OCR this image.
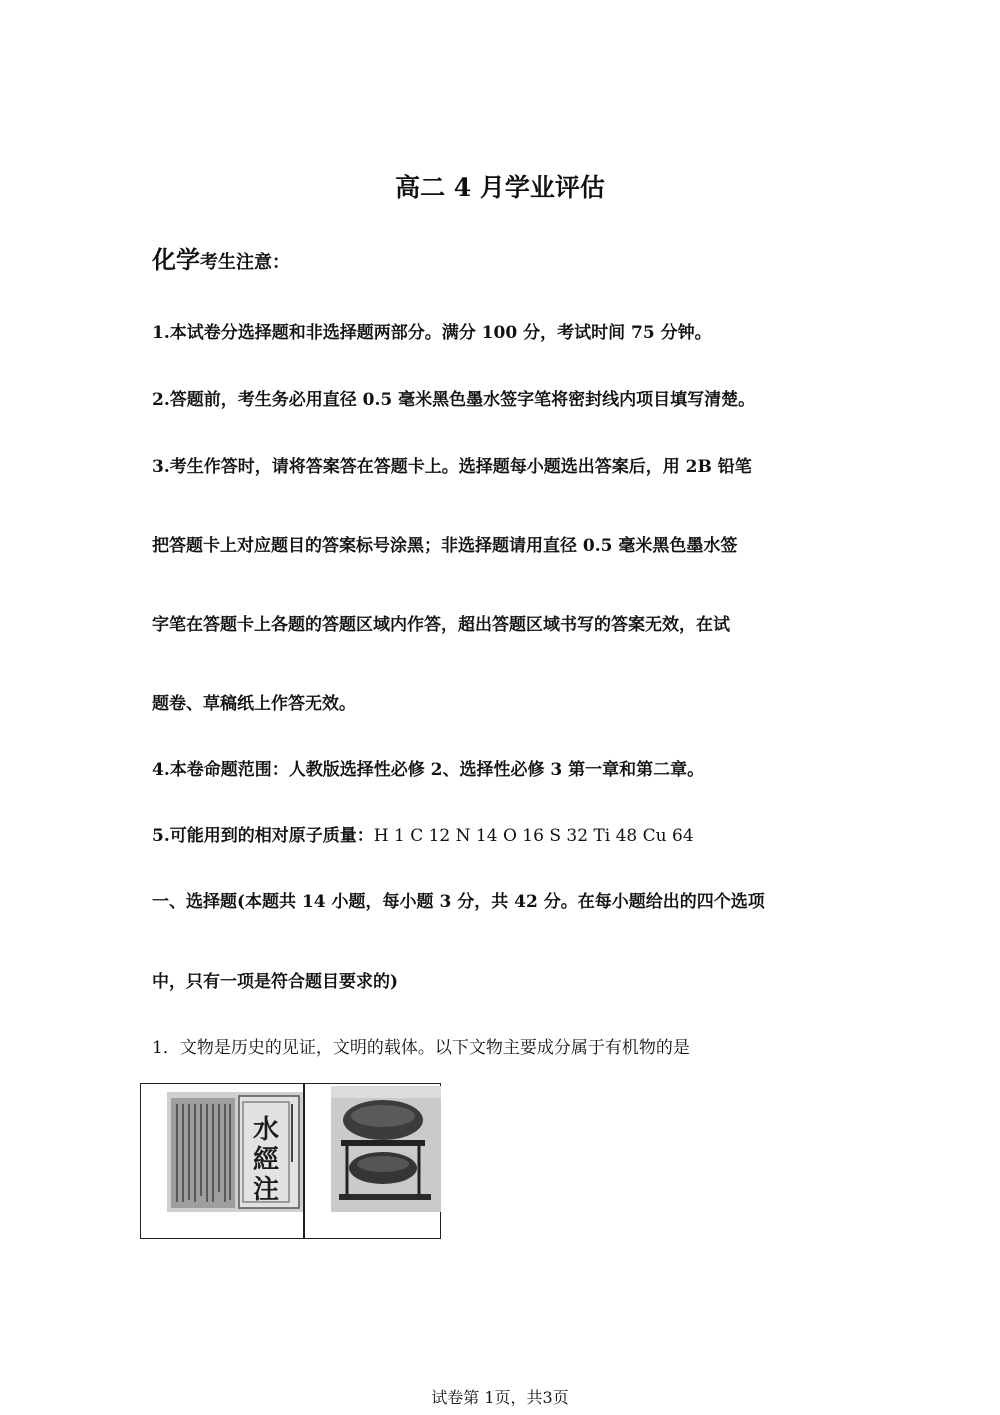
高二 4 月学业评估
化学考生注意：
1.本试卷分选择题和非选择题两部分。满分 100 分，考试时间 75 分钟。
2.答题前，考生务必用直径 0.5 毫米黑色墨水签字笔将密封线内项目填写清楚。
3.考生作答时，请将答案答在答题卡上。选择题每小题选出答案后，用 2B 铅笔
把答题卡上对应题目的答案标号涂黑；非选择题请用直径 0.5 毫米黑色墨水签
字笔在答题卡上各题的答题区域内作答，超出答题区域书写的答案无效，在试
题卷、草稿纸上作答无效。
4.本卷命题范围：人教版选择性必修 2、选择性必修 3 第一章和第二章。
5.可能用到的相对原子质量：H 1 C 12 N 14 O 16 S 32 Ti 48 Cu 64
一、选择题(本题共 14 小题，每小题 3 分，共 42 分。在每小题给出的四个选项
中，只有一项是符合题目要求的)
1．文物是历史的见证，文明的载体。以下文物主要成分属于有机物的是
水
經
注
试卷第 1页，共3页
